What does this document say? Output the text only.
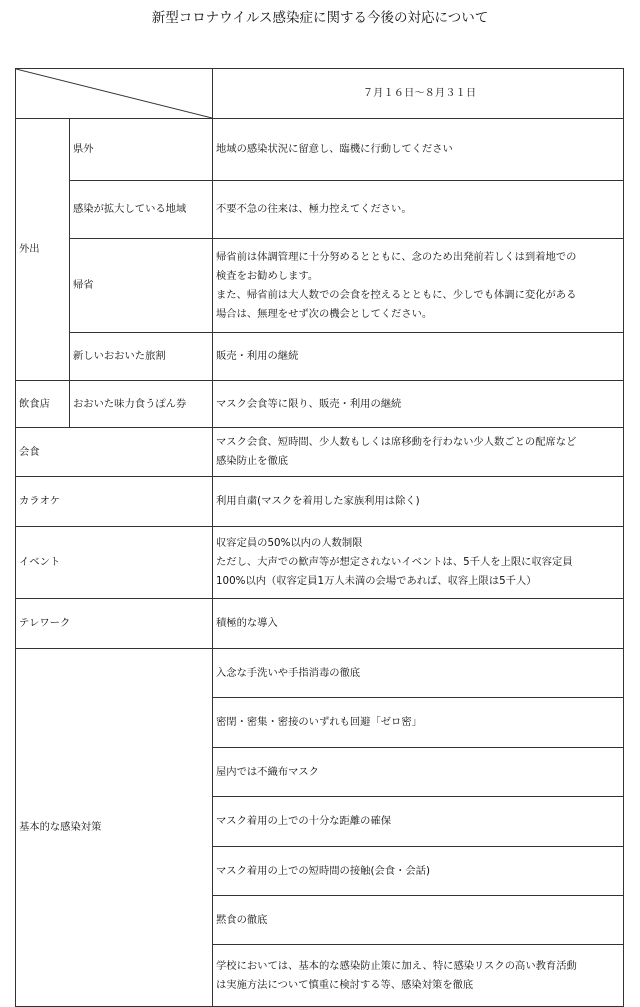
新型コロナウイルス感染症に関する今後の対応について
	７月１６日～８月３１日
外出	県外	地域の感染状況に留意し、臨機に行動してください

	感染が拡大している地域	不要不急の往来は、極力控えてください。

	帰省	帰省前は体調管理に十分努めるとともに、念のため出発前若しくは到着地での
検査をお勧めします。
また、帰省前は大人数での会食を控えるとともに、少しでも体調に変化がある
場合は、無理をせず次の機会としてください。

	新しいおおいた旅割	販売・利用の継続

飲食店	おおいた味力食うぽん券	マスク会食等に限り、販売・利用の継続

会食		マスク会食、短時間、少人数もしくは席移動を行わない少人数ごとの配席など
感染防止を徹底

カラオケ		利用自粛(マスクを着用した家族利用は除く)

イベント		収容定員の50%以内の人数制限
ただし、大声での歓声等が想定されないイベントは、5千人を上限に収容定員
100%以内（収容定員1万人未満の会場であれば、収容上限は5千人）

テレワーク		積極的な導入

基本的な感染対策		入念な手洗いや手指消毒の徹底

		密閉・密集・密接のいずれも回避「ゼロ密」

		屋内では不織布マスク

		マスク着用の上での十分な距離の確保

		マスク着用の上での短時間の接触(会食・会話)

		黙食の徹底

		学校においては、基本的な感染防止策に加え、特に感染リスクの高い教育活動
は実施方法について慎重に検討する等、感染対策を徹底
